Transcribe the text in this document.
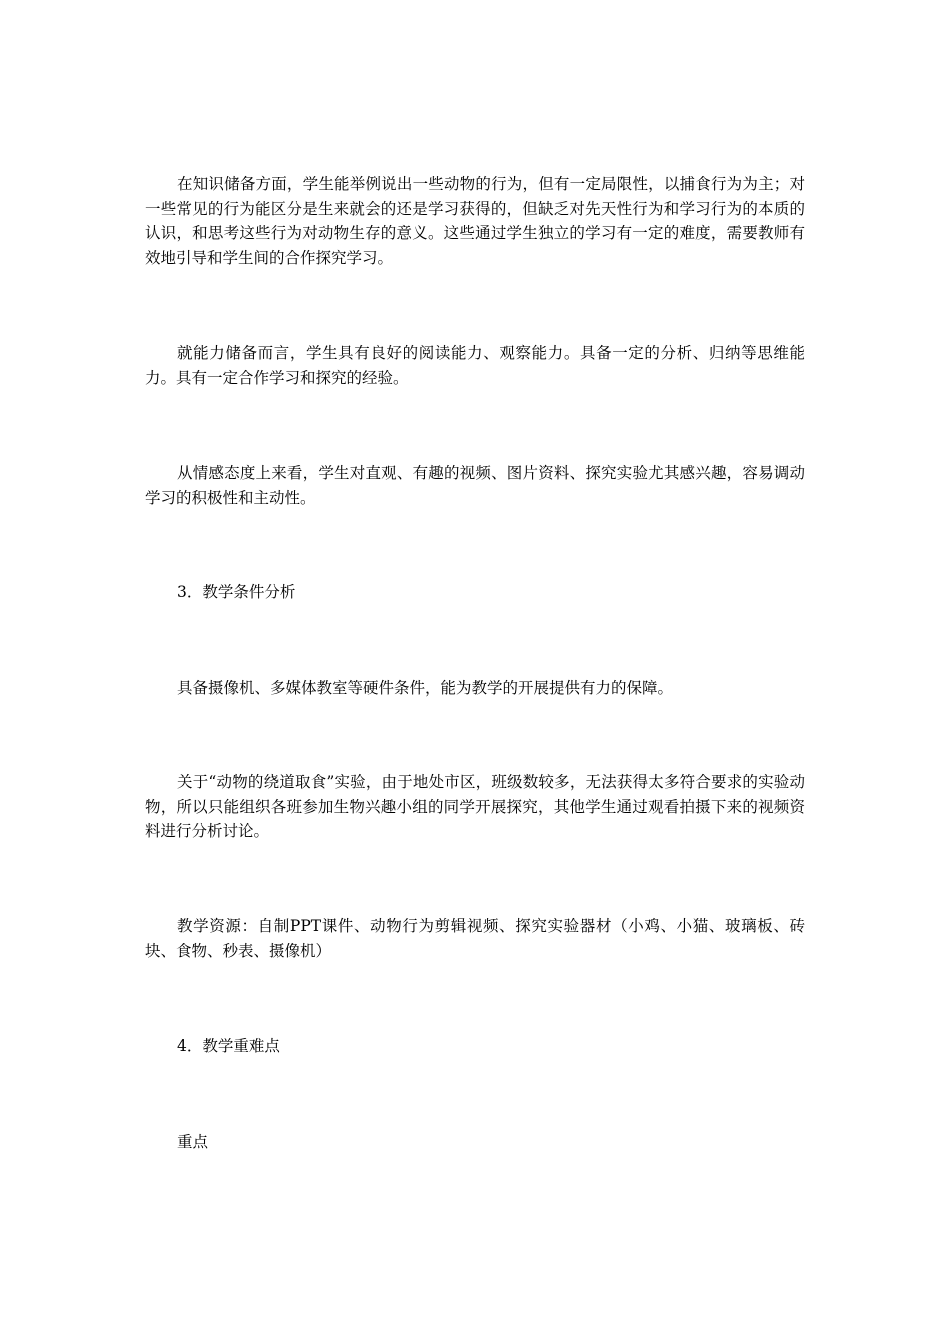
在知识储备方面，学生能举例说出一些动物的行为，但有一定局限性，以捕食行为为主；对一些常见的行为能区分是生来就会的还是学习获得的，但缺乏对先天性行为和学习行为的本质的认识，和思考这些行为对动物生存的意义。这些通过学生独立的学习有一定的难度，需要教师有效地引导和学生间的合作探究学习。

就能力储备而言，学生具有良好的阅读能力、观察能力。具备一定的分析、归纳等思维能力。具有一定合作学习和探究的经验。

从情感态度上来看，学生对直观、有趣的视频、图片资料、探究实验尤其感兴趣，容易调动学习的积极性和主动性。

3．教学条件分析

具备摄像机、多媒体教室等硬件条件，能为教学的开展提供有力的保障。

关于“动物的绕道取食”实验，由于地处市区，班级数较多，无法获得太多符合要求的实验动物，所以只能组织各班参加生物兴趣小组的同学开展探究，其他学生通过观看拍摄下来的视频资料进行分析讨论。

教学资源：自制PPT课件、动物行为剪辑视频、探究实验器材（小鸡、小猫、玻璃板、砖块、食物、秒表、摄像机）

4．教学重难点

重点
